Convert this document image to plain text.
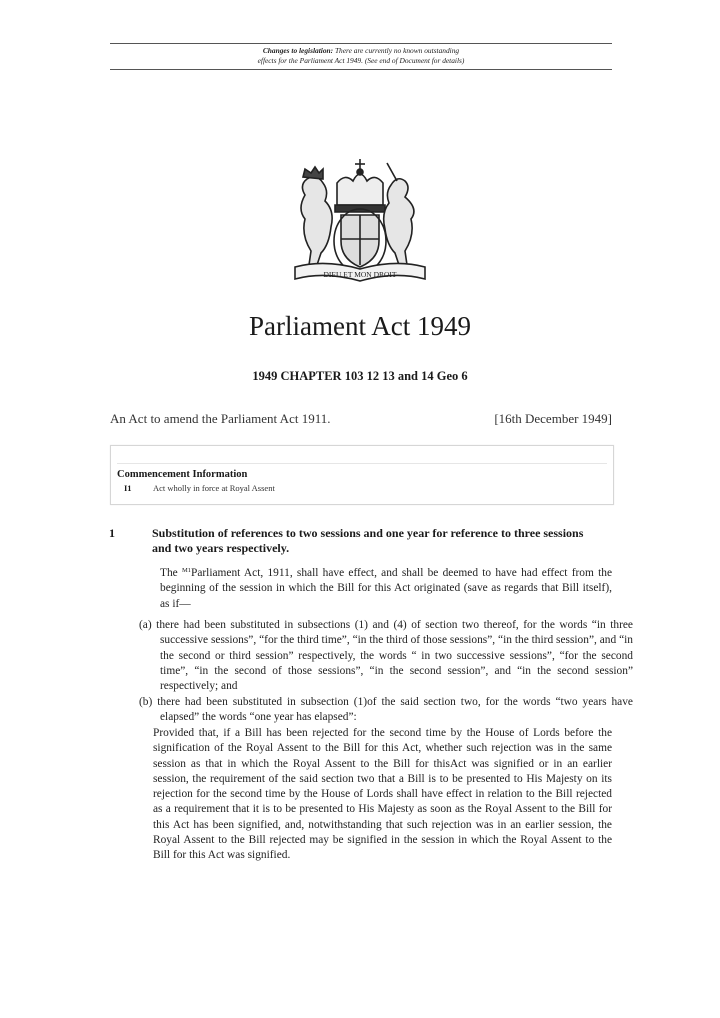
Changes to legislation: There are currently no known outstanding
effects for the Parliament Act 1949. (See end of Document for details)
DIEU ET MON DROIT
Parliament Act 1949
1949 CHAPTER 103 12 13 and 14 Geo 6
An Act to amend the Parliament Act 1911.	[16th December 1949]
Commencement Information
I1	Act wholly in force at Royal Assent
1	Substitution of references to two sessions and one year for reference to three sessions and two years respectively.
The $^{M1}$Parliament Act, 1911, shall have effect, and shall be deemed to have had effect from the beginning of the session in which the Bill for this Act originated (save as regards that Bill itself), as if—
(a) there had been substituted in subsections (1) and (4) of section two thereof, for the words “in three successive sessions”, “for the third time”, “in the third of those sessions”, “in the third session”, and “in the second or third session” respectively, the words “ in two successive sessions”, “for the second time”, “in the second of those sessions”, “in the second session”, and “in the second session” respectively; and
(b) there had been substituted in subsection (1)of the said section two, for the words “two years have elapsed” the words “one year has elapsed”:
Provided that, if a Bill has been rejected for the second time by the House of Lords before the signification of the Royal Assent to the Bill for this Act, whether such rejection was in the same session as that in which the Royal Assent to the Bill for thisAct was signified or in an earlier session, the requirement of the said section two that a Bill is to be presented to His Majesty on its rejection for the second time by the House of Lords shall have effect in relation to the Bill rejected as a requirement that it is to be presented to His Majesty as soon as the Royal Assent to the Bill for this Act has been signified, and, notwithstanding that such rejection was in an earlier session, the Royal Assent to the Bill rejected may be signified in the session in which the Royal Assent to the Bill for this Act was signified.
